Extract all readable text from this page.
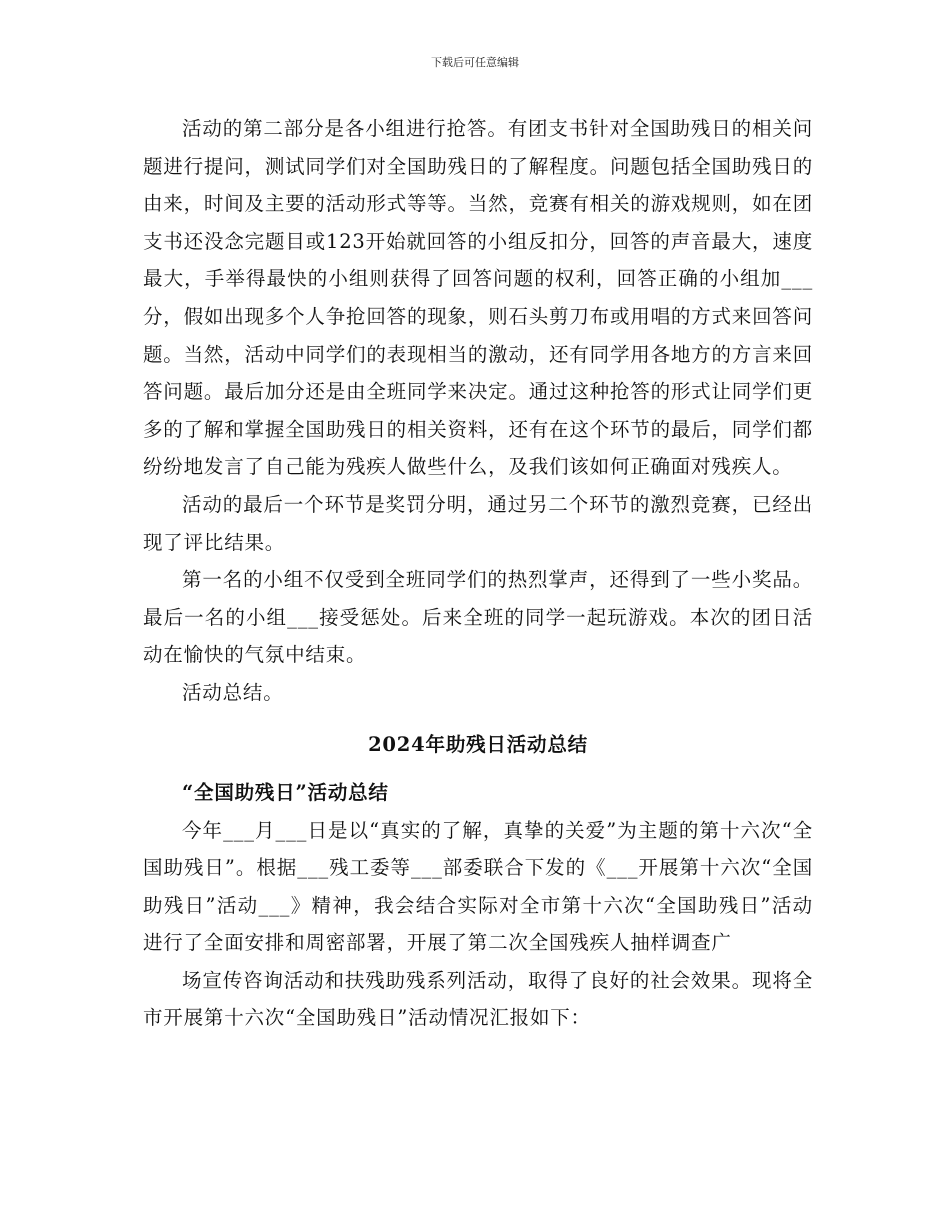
下载后可任意编辑

活动的第二部分是各小组进行抢答。有团支书针对全国助残日的相关问题进行提问，测试同学们对全国助残日的了解程度。问题包括全国助残日的由来，时间及主要的活动形式等等。当然，竞赛有相关的游戏规则，如在团支书还没念完题目或123开始就回答的小组反扣分，回答的声音最大，速度最大，手举得最快的小组则获得了回答问题的权利，回答正确的小组加___分，假如出现多个人争抢回答的现象，则石头剪刀布或用唱的方式来回答问题。当然，活动中同学们的表现相当的激动，还有同学用各地方的方言来回答问题。最后加分还是由全班同学来决定。通过这种抢答的形式让同学们更多的了解和掌握全国助残日的相关资料，还有在这个环节的最后，同学们都纷纷地发言了自己能为残疾人做些什么，及我们该如何正确面对残疾人。

活动的最后一个环节是奖罚分明，通过另二个环节的激烈竞赛，已经出现了评比结果。

第一名的小组不仅受到全班同学们的热烈掌声，还得到了一些小奖品。最后一名的小组___接受惩处。后来全班的同学一起玩游戏。本次的团日活动在愉快的气氛中结束。

活动总结。

2024年助残日活动总结

“全国助残日”活动总结

今年___月___日是以“真实的了解，真挚的关爱”为主题的第十六次“全国助残日”。根据___残工委等___部委联合下发的《___开展第十六次“全国助残日”活动___》精神，我会结合实际对全市第十六次“全国助残日”活动进行了全面安排和周密部署，开展了第二次全国残疾人抽样调查广

场宣传咨询活动和扶残助残系列活动，取得了良好的社会效果。现将全市开展第十六次“全国助残日”活动情况汇报如下：
